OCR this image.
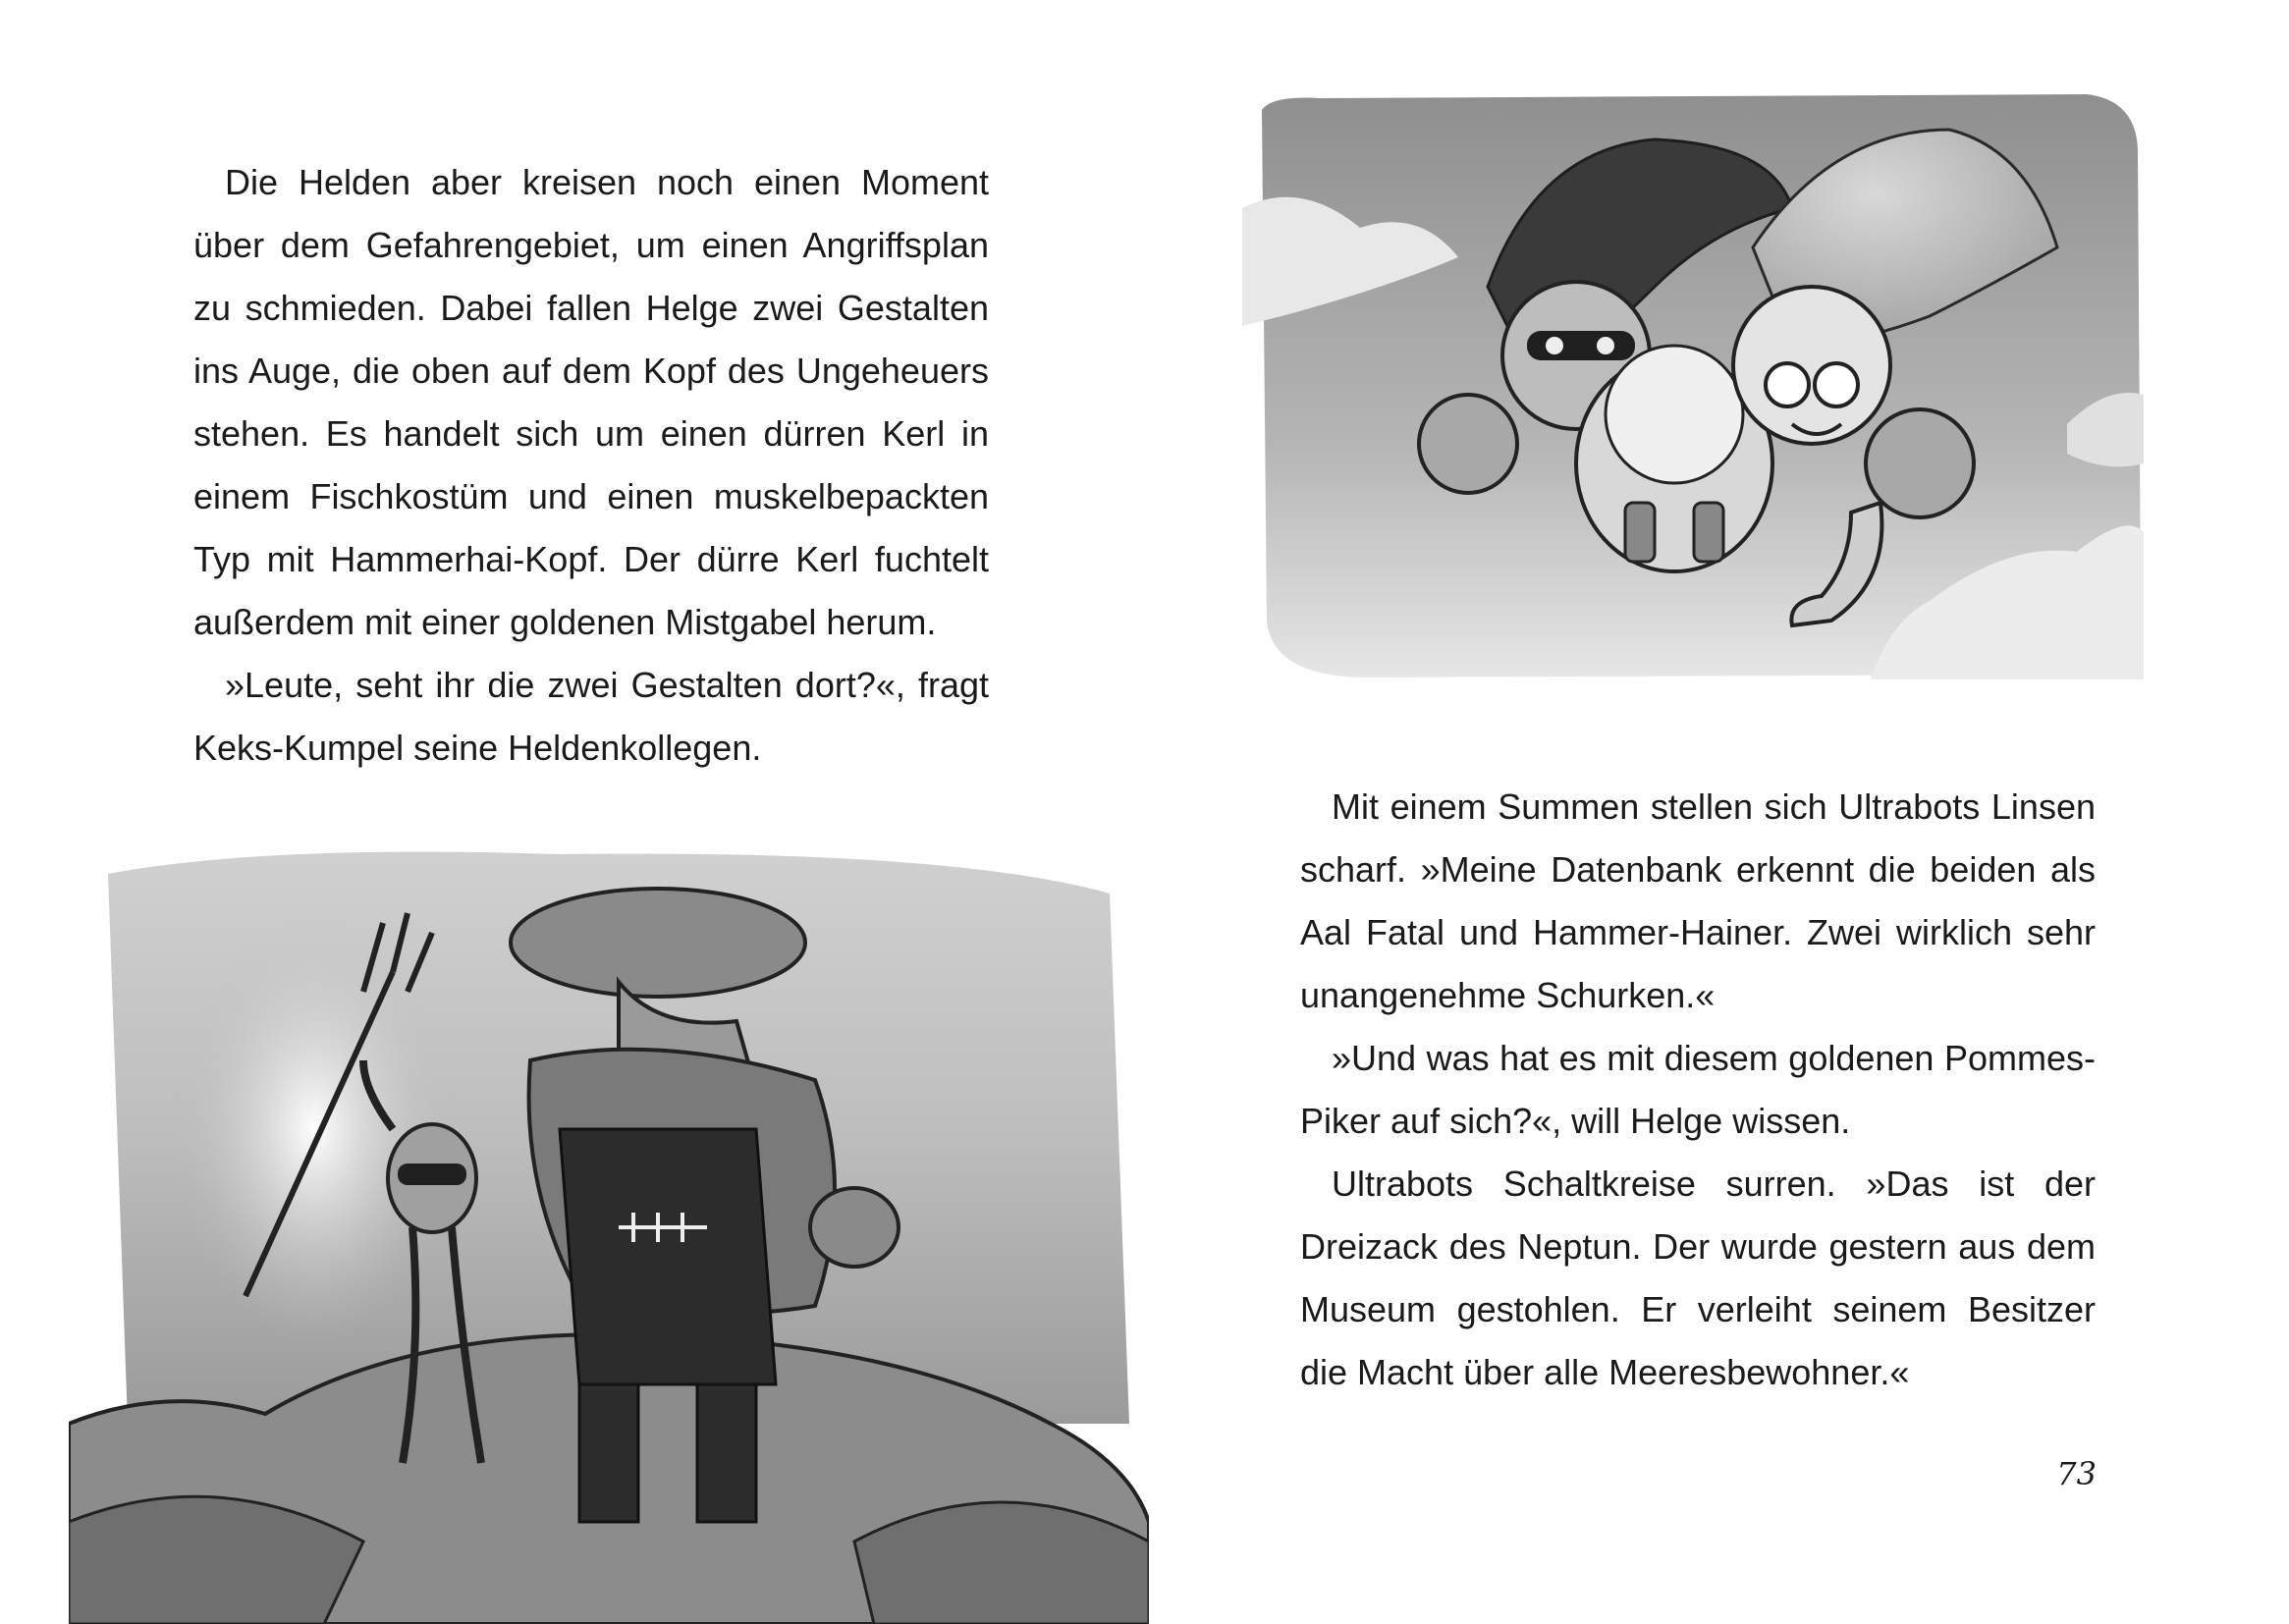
Die Helden aber kreisen noch einen Moment über dem Gefahrengebiet, um einen Angriffsplan zu schmieden. Dabei fallen Helge zwei Gestalten ins Auge, die oben auf dem Kopf des Ungeheuers stehen. Es handelt sich um einen dürren Kerl in einem Fischkostüm und einen muskelbepackten Typ mit Hammerhai-Kopf. Der dürre Kerl fuchtelt außerdem mit einer goldenen Mistgabel herum.

»Leute, seht ihr die zwei Gestalten dort?«, fragt Keks-Kumpel seine Heldenkollegen.

Mit einem Summen stellen sich Ultrabots Linsen scharf. »Meine Datenbank erkennt die beiden als Aal Fatal und Hammer-Hainer. Zwei wirklich sehr unangenehme Schurken.«

»Und was hat es mit diesem goldenen Pommes-Piker auf sich?«, will Helge wissen.

Ultrabots Schaltkreise surren. »Das ist der Dreizack des Neptun. Der wurde gestern aus dem Museum gestohlen. Er verleiht seinem Besitzer die Macht über alle Meeresbewohner.«

73
